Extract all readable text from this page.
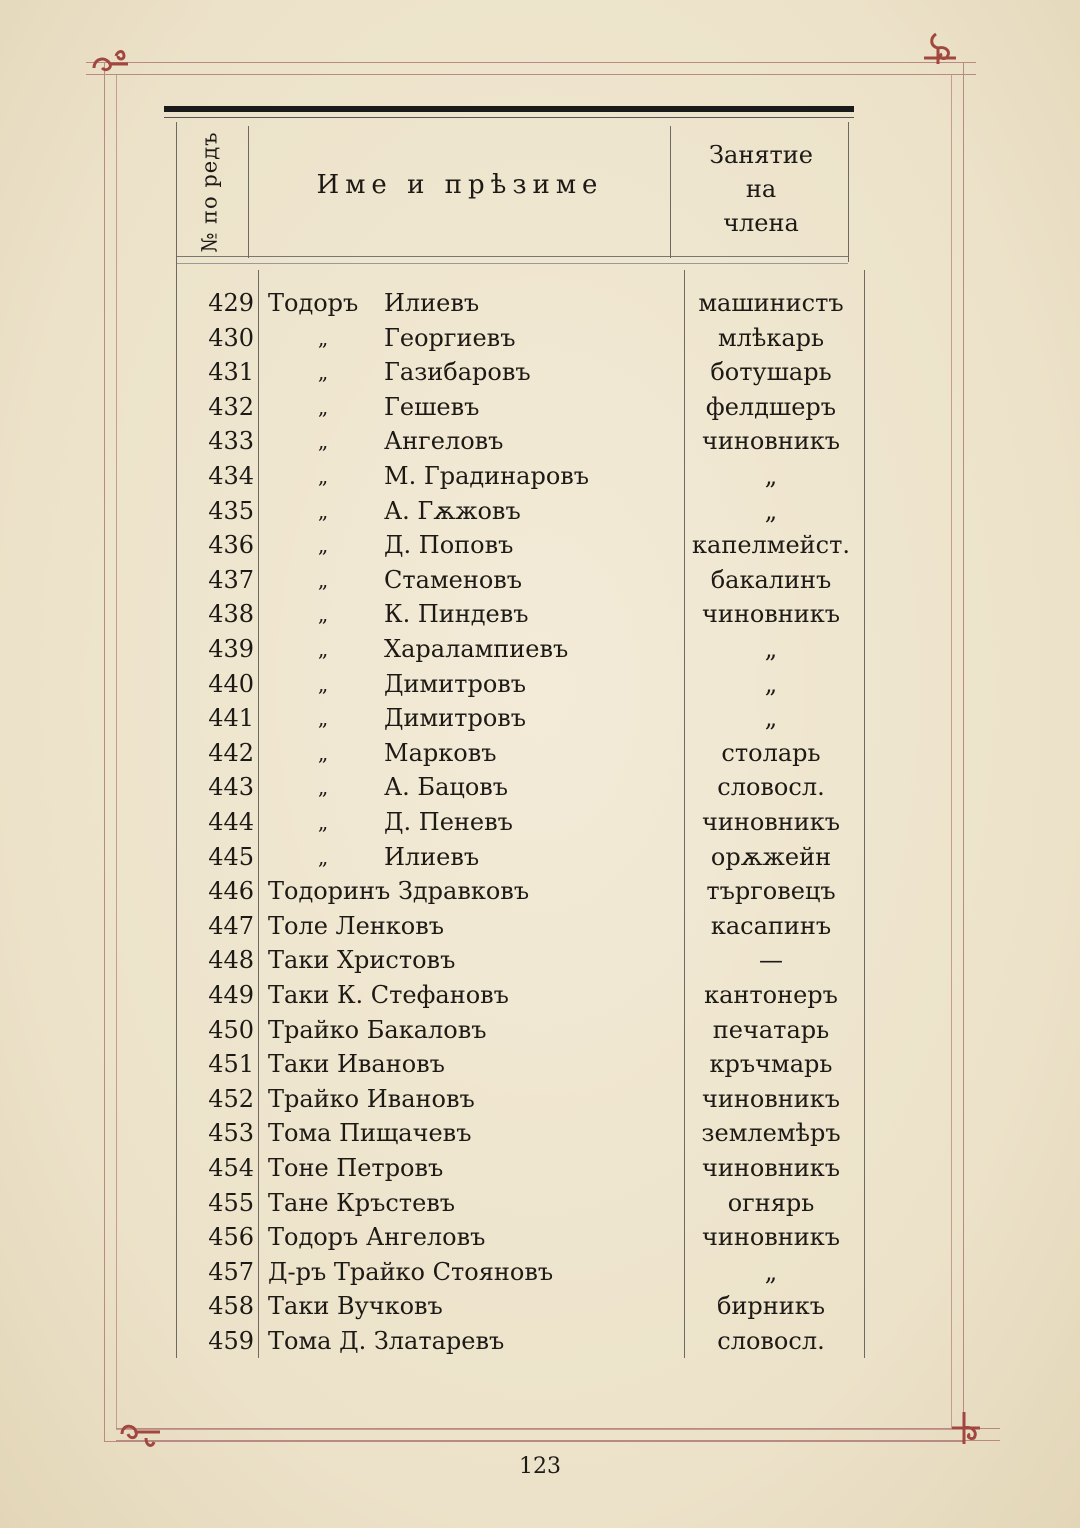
№ по редъ	Име и прѣзиме
Занятие
на
члена
429 Тодоръ	Илиевъ	машинистъ
430	„	Георгиевъ	млѣкарь
431	„	Газибаровъ	ботушарь
432	„	Гешевъ	фелдшеръ
433	„	Ангеловъ	чиновникъ
434	„	М. Градинаровъ	„
435	„	А. Гѫжовъ	„
436	„	Д. Поповъ	капелмейст.
437	„	Стаменовъ	бакалинъ
438	„	К. Пиндевъ	чиновникъ
439	„	Харалампиевъ	„
440	„	Димитровъ	„
441	„	Димитровъ	„
442	„	Марковъ	столарь
443	„	А. Бацовъ	словосл.
444	„	Д. Пеневъ	чиновникъ
445	„	Илиевъ	орѫжейн
446 Тодоринъ Здравковъ	търговецъ
447 Толе Ленковъ	касапинъ
448 Таки Христовъ	—
449 Таки К. Стефановъ	кантонеръ
450 Трайко Бакаловъ	печатарь
451 Таки Ивановъ	кръчмарь
452 Трайко Ивановъ	чиновникъ
453 Тома Пищачевъ	землемѣръ
454 Тоне Петровъ	чиновникъ
455 Тане Кръстевъ	огнярь
456 Тодоръ Ангеловъ	чиновникъ
457 Д-ръ Трайко Стояновъ	„
458 Таки Вучковъ	бирникъ
459 Тома Д. Златаревъ	словосл.
123
